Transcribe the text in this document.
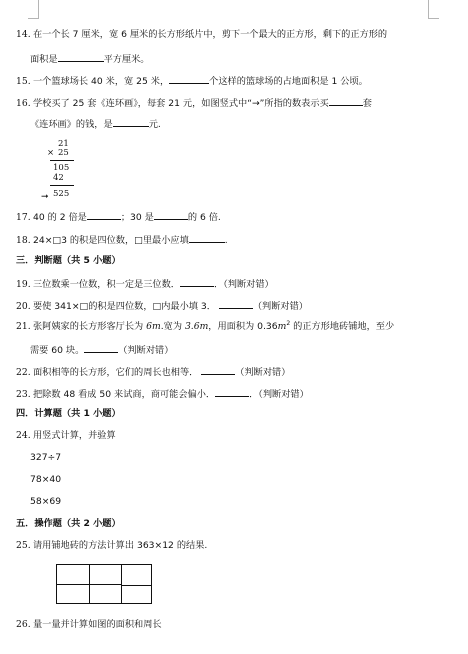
14. 在一个长 7 厘米，宽 6 厘米的长方形纸片中，剪下一个最大的正方形，剩下的正方形的
面积是	平方厘米。
15. 一个篮球场长 40 米，宽 25 米，	个这样的篮球场的占地面积是 1 公顷。
16. 学校买了 25 套《连环画》，每套 21 元，如图竖式中“→”所指的数表示买	套
《连环画》的钱，是	元.
21
× 25
105
42
➞ 525
17. 40 的 2 倍是	；30 是	的 6 倍.
18. 24×□3 的积是四位数，□里最小应填	.
三．判断题（共 5 小题）
19. 三位数乘一位数，积一定是三位数．	．（判断对错）
20. 要使 341×□的积是四位数，□内最小填 3．	（判断对错）
21. 张阿姨家的长方形客厅长为 6m.宽为 3.6m，用面积为 $0.36m^2$ 的正方形地砖铺地，至少
需要 60 块。	（判断对错）
22. 面积相等的长方形，它们的周长也相等．	（判断对错）
23. 把除数 48 看成 50 来试商，商可能会偏小．	．（判断对错）
四．计算题（共 1 小题）
24. 用竖式计算，并验算
327÷7
78×40
58×69
五．操作题（共 2 小题）
25. 请用铺地砖的方法计算出 363×12 的结果.
26. 量一量并计算如图的面积和周长
